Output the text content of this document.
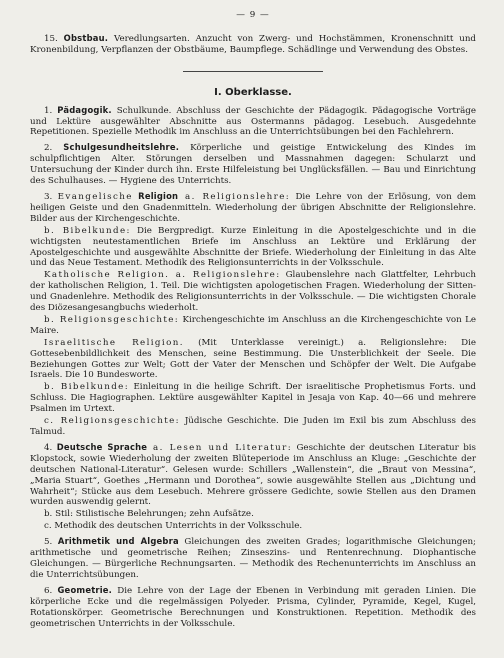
— 9 —

15. Obstbau. Veredlungsarten. Anzucht von Zwerg- und Hochstämmen, Kronenschnitt und Kronenbildung, Verpflanzen der Obstbäume, Baumpflege. Schädlinge und Verwendung des Obstes.

I. Oberklasse.

1. Pädagogik. Schulkunde. Abschluss der Geschichte der Pädagogik. Pädagogische Vorträge und Lektüre ausgewählter Abschnitte aus Ostermanns pädagog. Lesebuch. Ausgedehnte Repetitionen. Spezielle Methodik im Anschluss an die Unterrichtsübungen bei den Fachlehrern.

2. Schulgesundheitslehre. Körperliche und geistige Entwickelung des Kindes im schulpflichtigen Alter. Störungen derselben und Massnahmen dagegen: Schularzt und Untersuchung der Kinder durch ihn. Erste Hilfeleistung bei Unglücksfällen. — Bau und Einrichtung des Schulhauses. — Hygiene des Unterrichts.

3. Evangelische Religion a. Religionslehre: Die Lehre von der Erlösung, von dem heiligen Geiste und den Gnadenmitteln. Wiederholung der übrigen Abschnitte der Religionslehre. Bilder aus der Kirchengeschichte.

b. Bibelkunde: Die Bergpredigt. Kurze Einleitung in die Apostelgeschichte und in die wichtigsten neutestamentlichen Briefe im Anschluss an Lektüre und Erklärung der Apostelgeschichte und ausgewählte Abschnitte der Briefe. Wiederholung der Einleitung in das Alte und das Neue Testament. Methodik des Religionsunterrichts in der Volksschule.

Katholische Religion. a. Religionslehre: Glaubenslehre nach Glattfelter, Lehrbuch der katholischen Religion, 1. Teil. Die wichtigsten apologetischen Fragen. Wiederholung der Sitten- und Gnadenlehre. Methodik des Religionsunterrichts in der Volksschule. — Die wichtigsten Chorale des Diözesangesangbuchs wiederholt.

b. Religionsgeschichte: Kirchengeschichte im Anschluss an die Kirchengeschichte von Le Maire.

Israelitische Religion. (Mit Unterklasse vereinigt.) a. Religionslehre: Die Gottesebenbildlichkeit des Menschen, seine Bestimmung. Die Unsterblichkeit der Seele. Die Beziehungen Gottes zur Welt; Gott der Vater der Menschen und Schöpfer der Welt. Die Aufgabe Israels. Die 10 Bundesworte.

b. Bibelkunde: Einleitung in die heilige Schrift. Der israelitische Prophetismus Forts. und Schluss. Die Hagiographen. Lektüre ausgewählter Kapitel in Jesaja von Kap. 40—66 und mehrere Psalmen im Urtext.

c. Religionsgeschichte: Jüdische Geschichte. Die Juden im Exil bis zum Abschluss des Talmud.

4. Deutsche Sprache a. Lesen und Literatur: Geschichte der deutschen Literatur bis Klopstock, sowie Wiederholung der zweiten Blüteperiode im Anschluss an Kluge: „Geschichte der deutschen National-Literatur“. Gelesen wurde: Schillers „Wallenstein“, die „Braut von Messina“, „Maria Stuart“, Goethes „Hermann und Dorothea“, sowie ausgewählte Stellen aus „Dichtung und Wahrheit“; Stücke aus dem Lesebuch. Mehrere grössere Gedichte, sowie Stellen aus den Dramen wurden auswendig gelernt.

b. Stil: Stilistische Belehrungen; zehn Aufsätze.

c. Methodik des deutschen Unterrichts in der Volksschule.

5. Arithmetik und Algebra Gleichungen des zweiten Grades; logarithmische Gleichungen; arithmetische und geometrische Reihen; Zinseszins- und Rentenrechnung. Diophantische Gleichungen. — Bürgerliche Rechnungsarten. — Methodik des Rechenunterrichts im Anschluss an die Unterrichtsübungen.

6. Geometrie. Die Lehre von der Lage der Ebenen in Verbindung mit geraden Linien. Die körperliche Ecke und die regelmässigen Polyeder. Prisma, Cylinder, Pyramide, Kegel, Kugel, Rotationskörper. Geometrische Berechnungen und Konstruktionen. Repetition. Methodik des geometrischen Unterrichts in der Volksschule.
